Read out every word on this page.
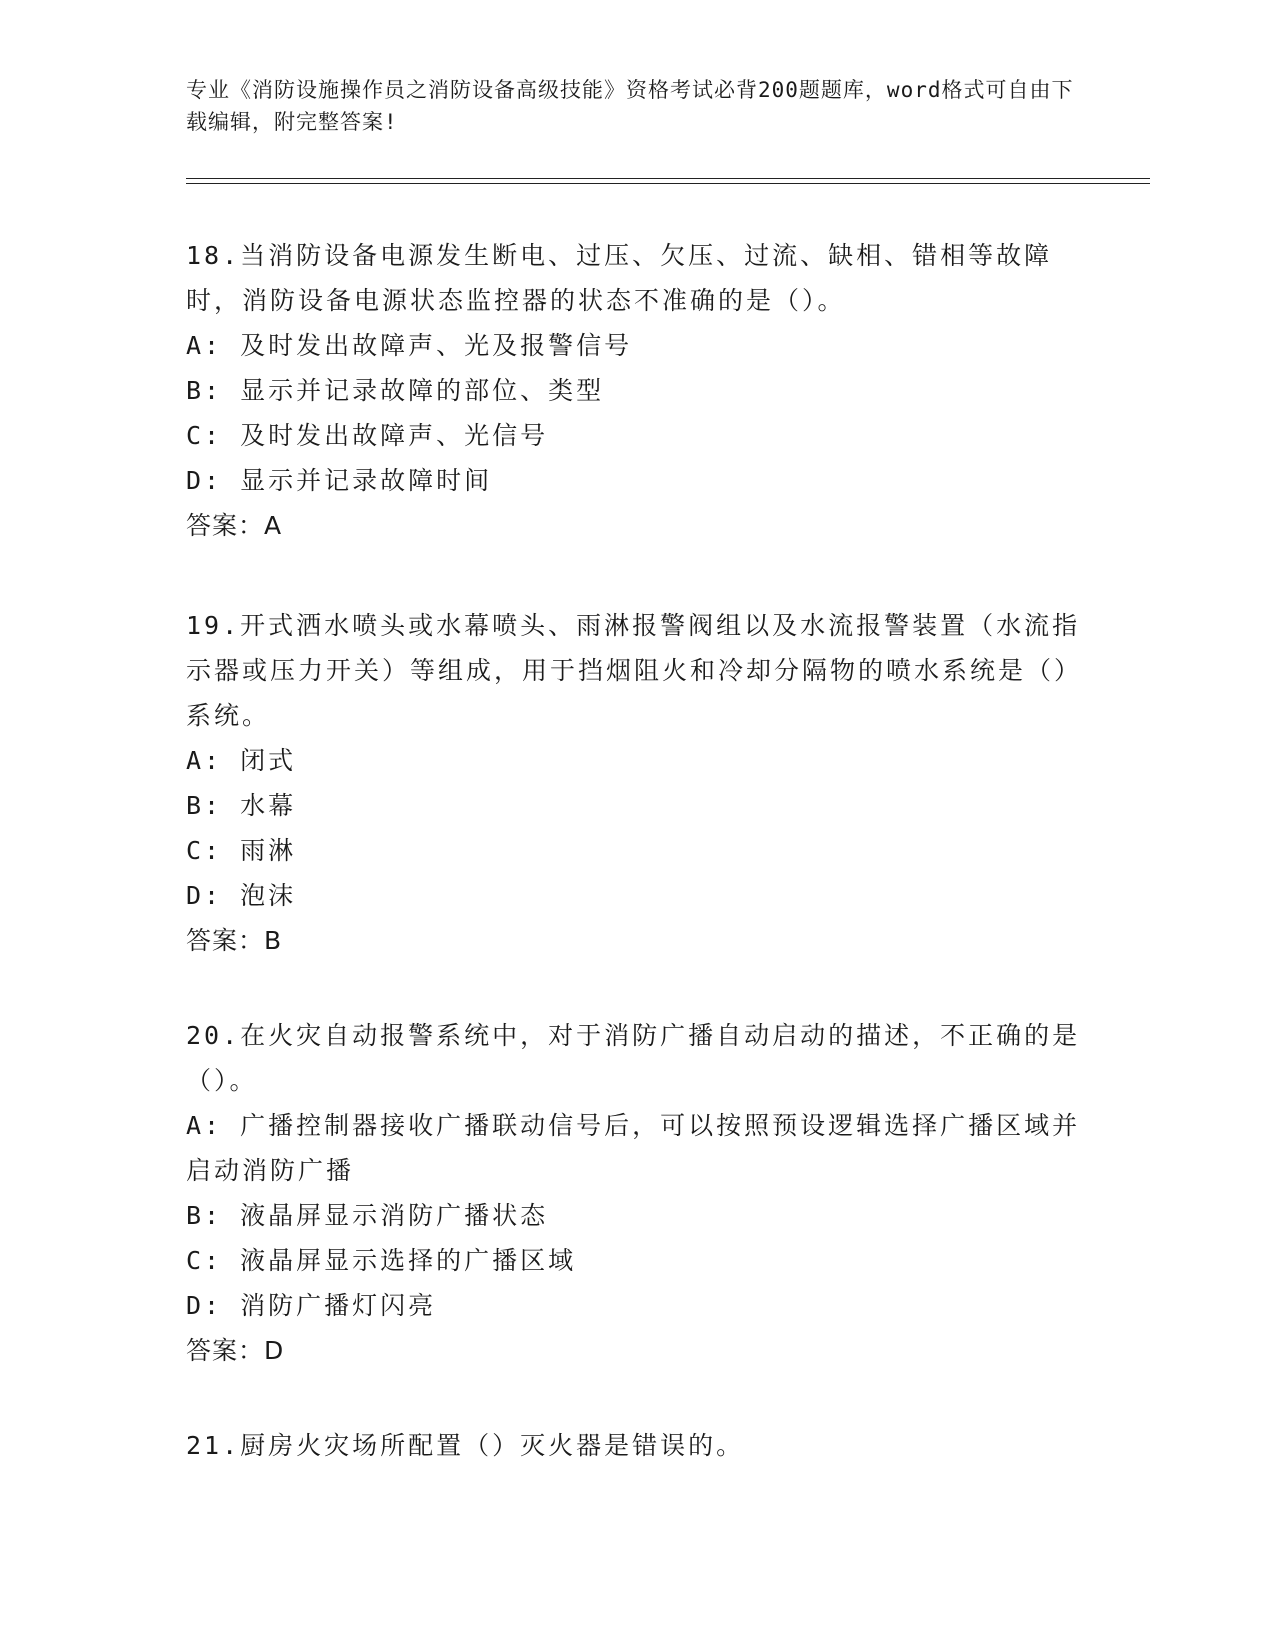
专业《消防设施操作员之消防设备高级技能》资格考试必背200题题库，word格式可自由下载编辑，附完整答案!
18.当消防设备电源发生断电、过压、欠压、过流、缺相、错相等故障时，消防设备电源状态监控器的状态不准确的是（）。
A: 及时发出故障声、光及报警信号
B: 显示并记录故障的部位、类型
C: 及时发出故障声、光信号
D: 显示并记录故障时间
答案：A
19.开式洒水喷头或水幕喷头、雨淋报警阀组以及水流报警装置（水流指示器或压力开关）等组成，用于挡烟阻火和冷却分隔物的喷水系统是（）系统。
A: 闭式
B: 水幕
C: 雨淋
D: 泡沫
答案：B
20.在火灾自动报警系统中，对于消防广播自动启动的描述，不正确的是（）。
A: 广播控制器接收广播联动信号后，可以按照预设逻辑选择广播区域并启动消防广播
B: 液晶屏显示消防广播状态
C: 液晶屏显示选择的广播区域
D: 消防广播灯闪亮
答案：D
21.厨房火灾场所配置（）灭火器是错误的。
